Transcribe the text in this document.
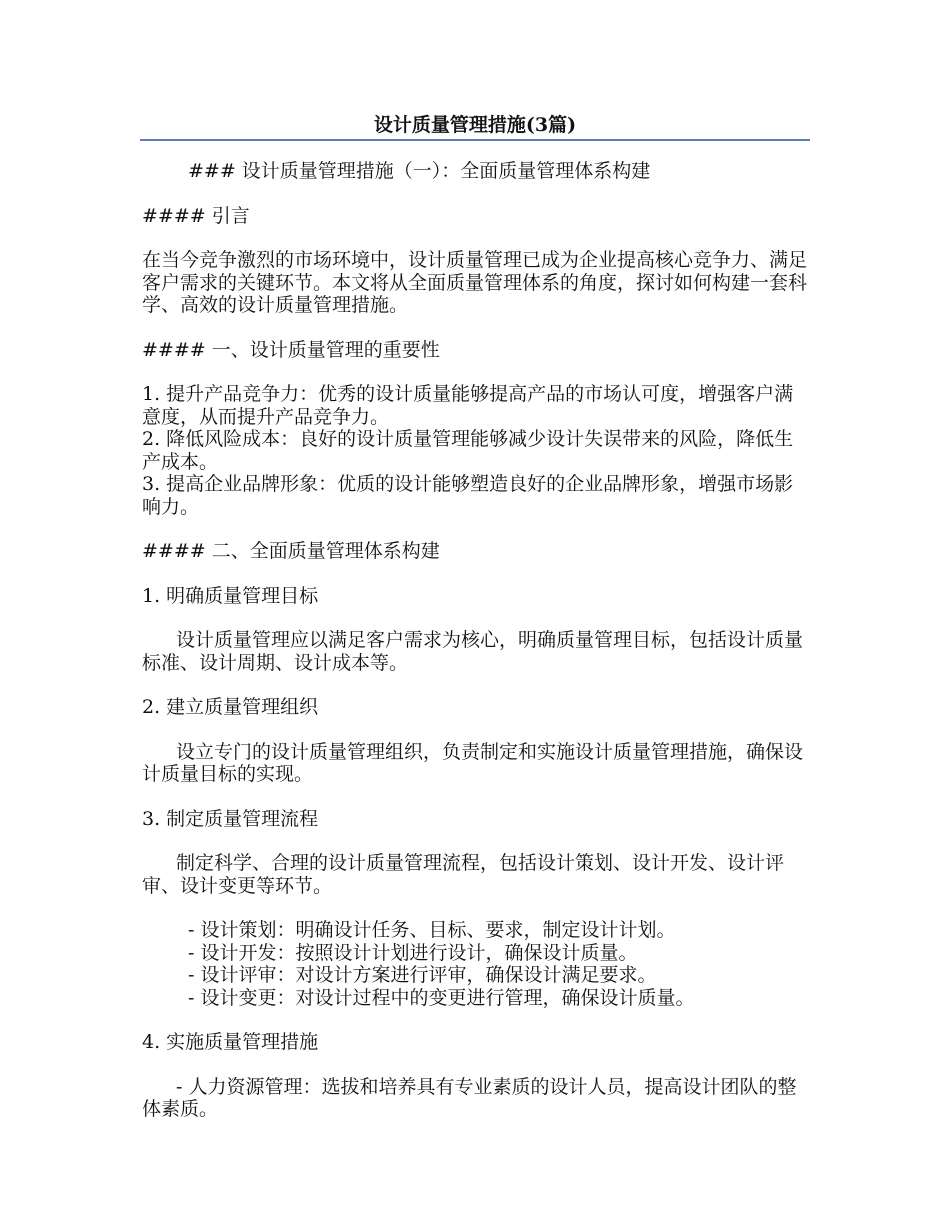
设计质量管理措施(3篇)

### 设计质量管理措施（一）：全面质量管理体系构建

#### 引言

在当今竞争激烈的市场环境中，设计质量管理已成为企业提高核心竞争力、满足客户需求的关键环节。本文将从全面质量管理体系的角度，探讨如何构建一套科学、高效的设计质量管理措施。

#### 一、设计质量管理的重要性

1. 提升产品竞争力：优秀的设计质量能够提高产品的市场认可度，增强客户满意度，从而提升产品竞争力。

2. 降低风险成本：良好的设计质量管理能够减少设计失误带来的风险，降低生产成本。

3. 提高企业品牌形象：优质的设计能够塑造良好的企业品牌形象，增强市场影响力。

#### 二、全面质量管理体系构建

1. 明确质量管理目标

设计质量管理应以满足客户需求为核心，明确质量管理目标，包括设计质量标准、设计周期、设计成本等。

2. 建立质量管理组织

设立专门的设计质量管理组织，负责制定和实施设计质量管理措施，确保设计质量目标的实现。

3. 制定质量管理流程

制定科学、合理的设计质量管理流程，包括设计策划、设计开发、设计评审、设计变更等环节。

- 设计策划：明确设计任务、目标、要求，制定设计计划。

- 设计开发：按照设计计划进行设计，确保设计质量。

- 设计评审：对设计方案进行评审，确保设计满足要求。

- 设计变更：对设计过程中的变更进行管理，确保设计质量。

4. 实施质量管理措施

- 人力资源管理：选拔和培养具有专业素质的设计人员，提高设计团队的整体素质。
